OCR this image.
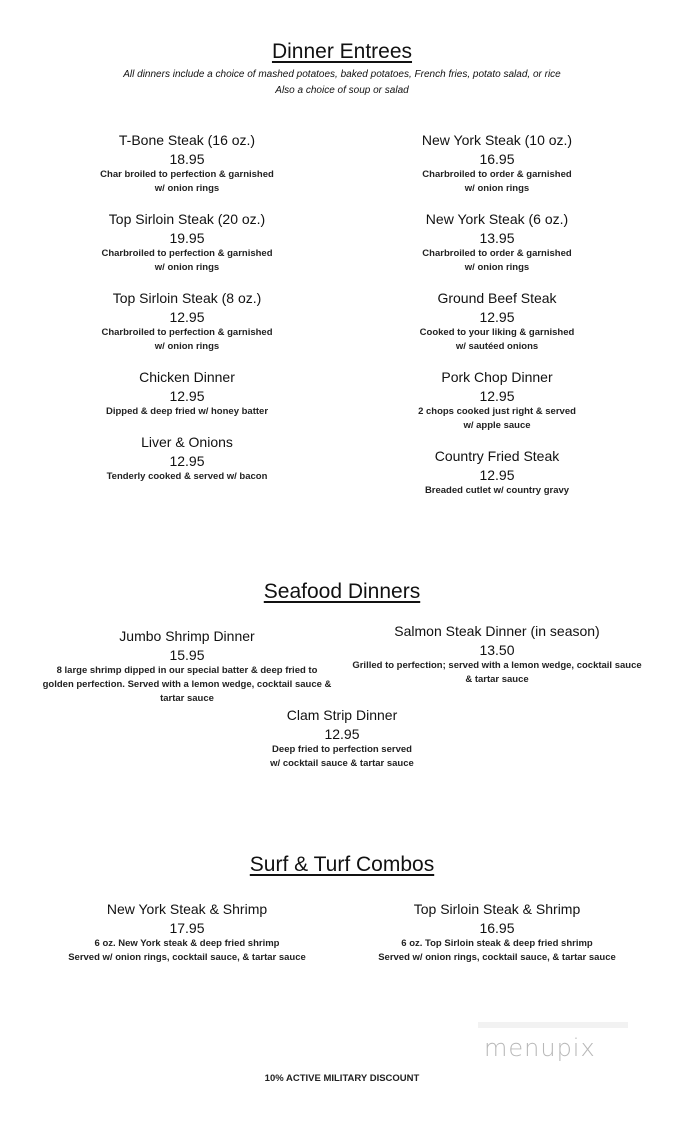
Dinner Entrees
All dinners include a choice of mashed potatoes, baked potatoes, French fries, potato salad, or rice
Also a choice of soup or salad
T-Bone Steak (16 oz.)
18.95
Char broiled to perfection & garnished
w/ onion rings
Top Sirloin Steak (20 oz.)
19.95
Charbroiled to perfection & garnished
w/ onion rings
Top Sirloin Steak (8 oz.)
12.95
Charbroiled to perfection & garnished
w/ onion rings
Chicken Dinner
12.95
Dipped & deep fried w/ honey batter
Liver & Onions
12.95
Tenderly cooked & served w/ bacon
New York Steak (10 oz.)
16.95
Charbroiled to order & garnished
w/ onion rings
New York Steak (6 oz.)
13.95
Charbroiled to order & garnished
w/ onion rings
Ground Beef Steak
12.95
Cooked to your liking & garnished
w/ sautéed onions
Pork Chop Dinner
12.95
2 chops cooked just right & served
w/ apple sauce
Country Fried Steak
12.95
Breaded cutlet w/ country gravy
Seafood Dinners
Jumbo Shrimp Dinner
15.95
8 large shrimp dipped in our special batter & deep fried to
golden perfection. Served with a lemon wedge, cocktail sauce &
tartar sauce
Salmon Steak Dinner (in season)
13.50
Grilled to perfection; served with a lemon wedge, cocktail sauce
& tartar sauce
Clam Strip Dinner
12.95
Deep fried to perfection served
w/ cocktail sauce & tartar sauce
Surf & Turf Combos
New York Steak & Shrimp
17.95
6 oz. New York steak & deep fried shrimp
Served w/ onion rings, cocktail sauce, & tartar sauce
Top Sirloin Steak & Shrimp
16.95
6 oz. Top Sirloin steak & deep fried shrimp
Served w/ onion rings, cocktail sauce, & tartar sauce
menupix
10% ACTIVE MILITARY DISCOUNT
